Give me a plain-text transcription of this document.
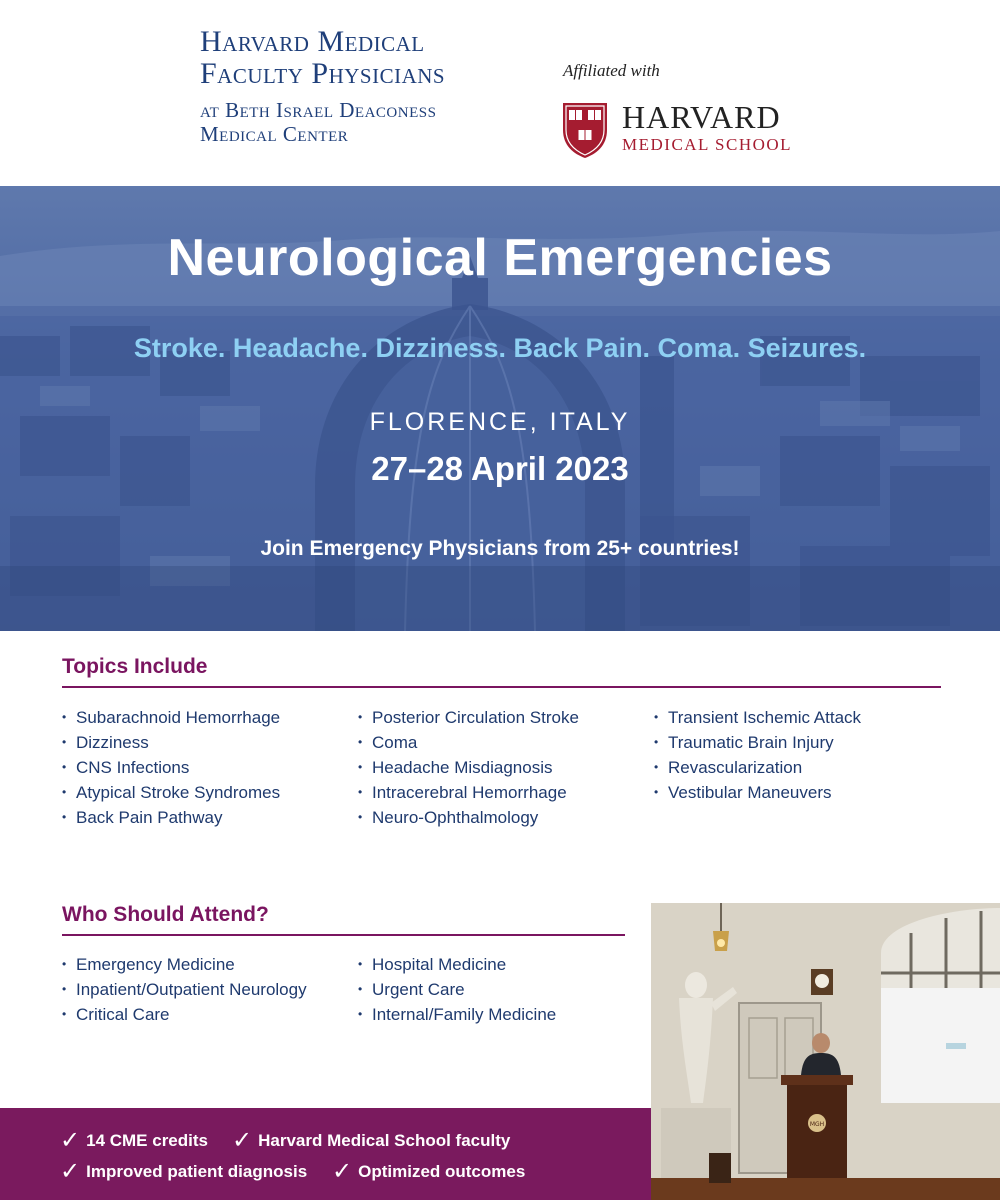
Harvard Medical
Faculty Physicians
at Beth Israel Deaconess
Medical Center
Affiliated with
HARVARD
MEDICAL SCHOOL
Neurological Emergencies
Stroke. Headache. Dizziness. Back Pain. Coma. Seizures.
FLORENCE, ITALY
27–28 April 2023
Join Emergency Physicians from 25+ countries!
Topics Include
• Subarachnoid Hemorrhage
• Dizziness
• CNS Infections
• Atypical Stroke Syndromes
• Back Pain Pathway
• Posterior Circulation Stroke
• Coma
• Headache Misdiagnosis
• Intracerebral Hemorrhage
• Neuro-Ophthalmology
• Transient Ischemic Attack
• Traumatic Brain Injury
• Revascularization
• Vestibular Maneuvers
Who Should Attend?
• Emergency Medicine
• Inpatient/Outpatient Neurology
• Critical Care
• Hospital Medicine
• Urgent Care
• Internal/Family Medicine
MGH
✓ 14 CME credits ✓ Harvard Medical School faculty
✓ Improved patient diagnosis ✓ Optimized outcomes
